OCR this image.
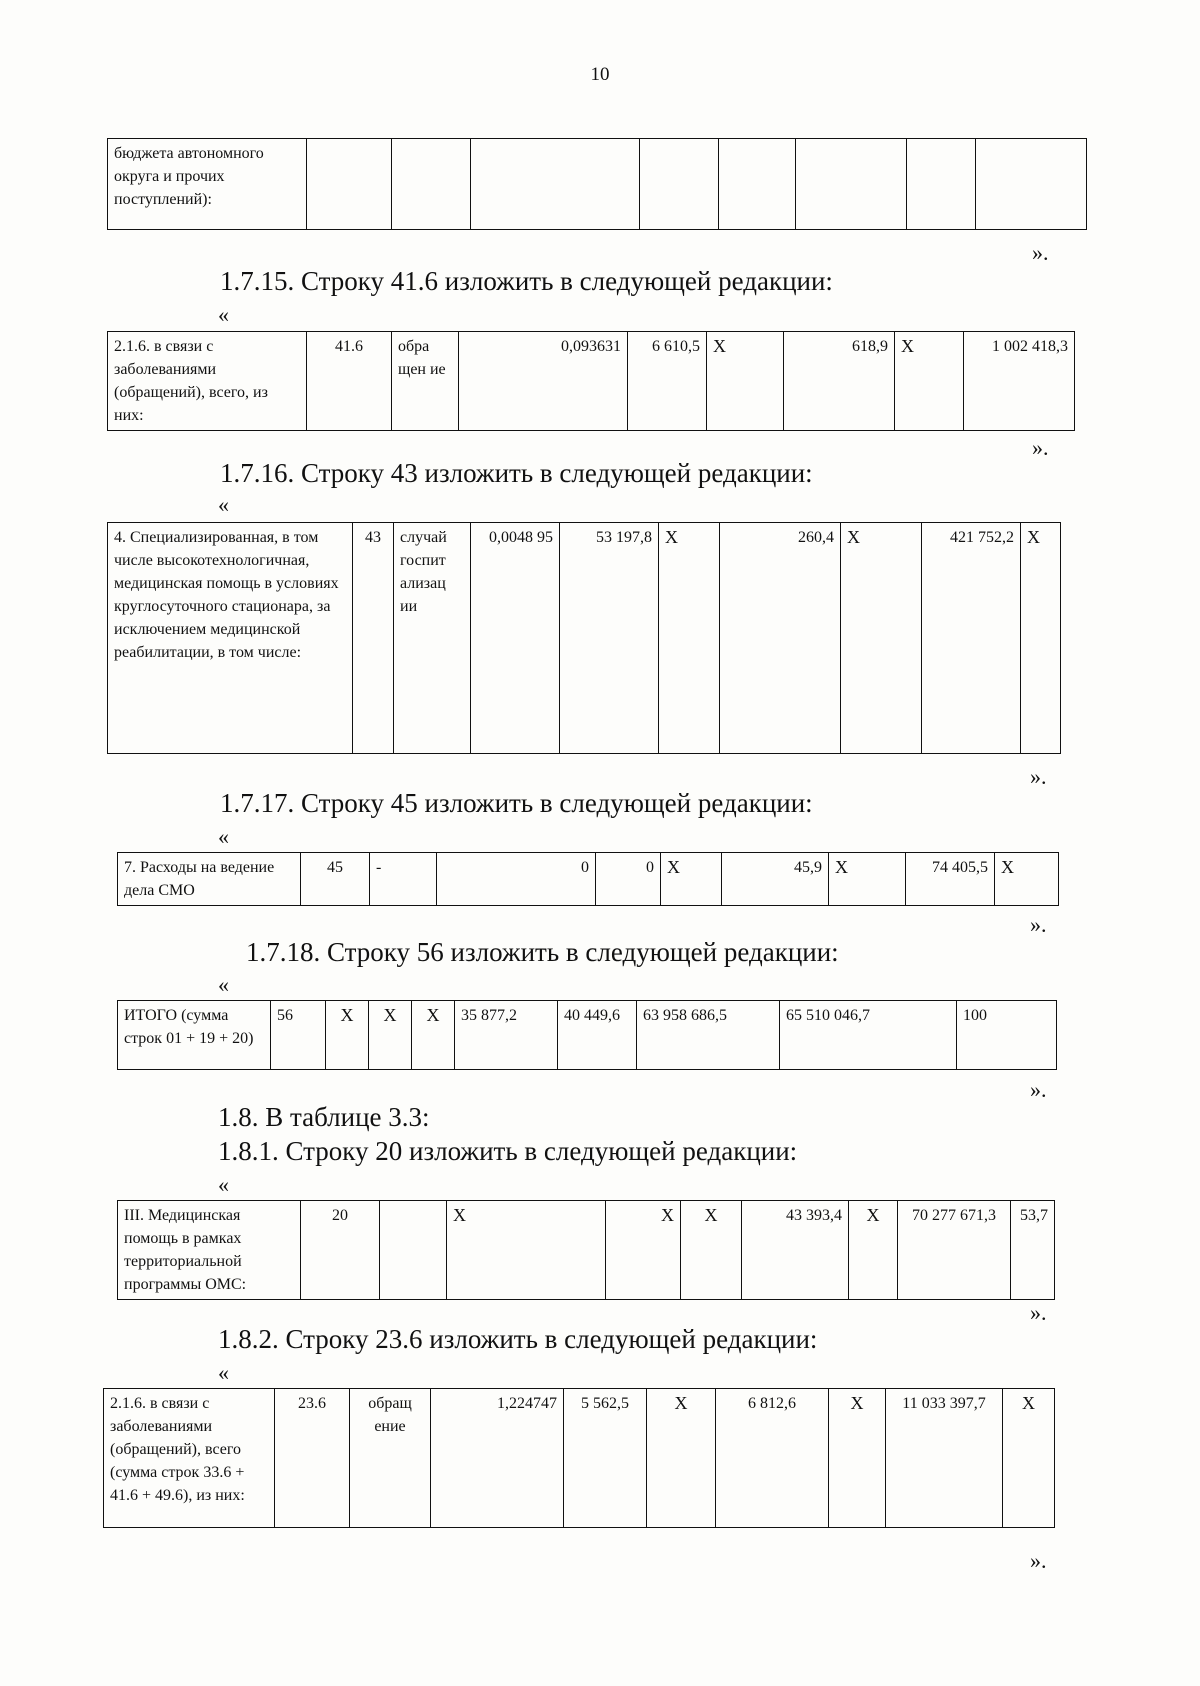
10
бюджета автономного округа и прочих поступлений):									
».
1.7.15. Строку 41.6 изложить в следующей редакции:
«
2.1.6. в связи с заболеваниями (обращений), всего, из них:	41.6	обра щен ие	0,093631	6 610,5	Х	618,9	Х	1 002 418,3	
».
1.7.16. Строку 43 изложить в следующей редакции:
«
4. Специализированная, в том числе высокотехнологичная, медицинская помощь в условиях круглосуточного стационара, за исключением медицинской реабилитации, в том числе:	43	случай госпит ализац ии	0,0048 95	53 197,8	Х	260,4	Х	421 752,2	Х
».
1.7.17. Строку 45 изложить в следующей редакции:
«
7. Расходы на ведение дела СМО	45	-	0	0	Х	45,9	Х	74 405,5	Х
».
1.7.18. Строку 56 изложить в следующей редакции:
«
ИТОГО (сумма строк 01 + 19 + 20)	56	Х	Х	Х	35 877,2	40 449,6	63 958 686,5	65 510 046,7	100
».
1.8. В таблице 3.3:
1.8.1. Строку 20 изложить в следующей редакции:
«
III. Медицинская помощь в рамках территориальной программы ОМС:	20		Х	Х	Х	43 393,4	Х	70 277 671,3	53,7
».
1.8.2. Строку 23.6 изложить в следующей редакции:
«
2.1.6. в связи с заболеваниями (обращений), всего (сумма строк 33.6 + 41.6 + 49.6), из них:	23.6	обращ ение	1,224747	5 562,5	Х	6 812,6	Х	11 033 397,7	Х
».
